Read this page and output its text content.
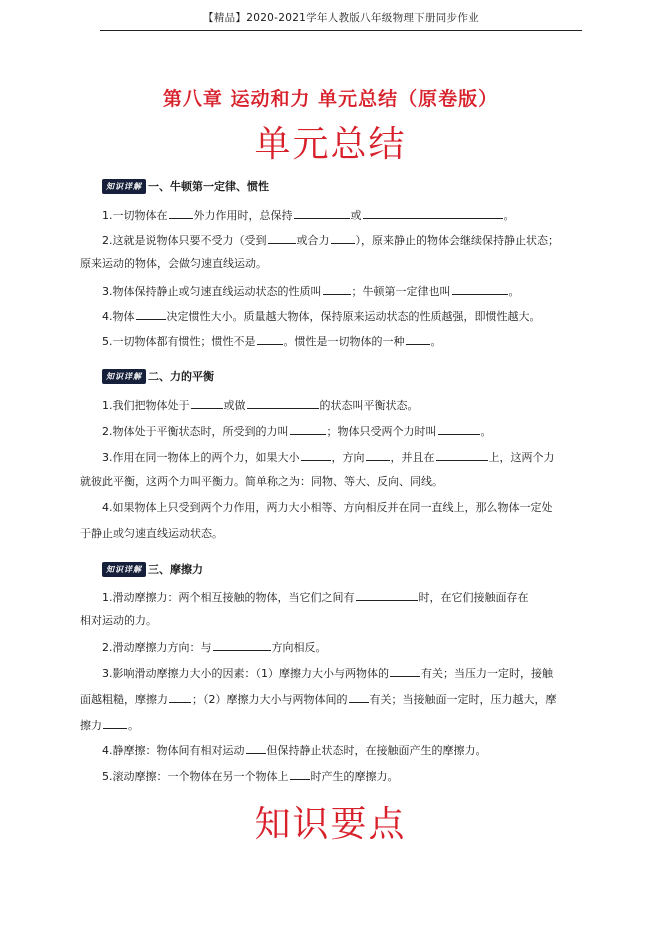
【精品】2020-2021学年人教版八年级物理下册同步作业
第八章 运动和力 单元总结（原卷版）
单元总结
知识详解 一、牛顿第一定律、惯性
1.一切物体在 外力作用时，总保持	或	。
2.这就是说物体只要不受力（受到	或合力 ），原来静止的物体会继续保持静止状态；
原来运动的物体，会做匀速直线运动。
3.物体保持静止或匀速直线运动状态的性质叫	；牛顿第一定律也叫	。
4.物体	决定惯性大小。质量越大物体，保持原来运动状态的性质越强，即惯性越大。
5.一切物体都有惯性；惯性不是	。惯性是一切物体的一种 。
知识详解 二、力的平衡
1.我们把物体处于	或做	的状态叫平衡状态。
2.物体处于平衡状态时，所受到的力叫	；物体只受两个力时叫	。
3.作用在同一物体上的两个力，如果大小	，方向 ，并且在	上，这两个力
就彼此平衡，这两个力叫平衡力。简单称之为：同物、等大、反向、同线。
4.如果物体上只受到两个力作用，两力大小相等、方向相反并在同一直线上，那么物体一定处
于静止或匀速直线运动状态。
知识详解 三、摩擦力
1.滑动摩擦力：两个相互接触的物体，当它们之间有	时，在它们接触面存在
相对运动的力。
2.滑动摩擦力方向：与	方向相反。
3.影响滑动摩擦力大小的因素：（1）摩擦力大小与两物体的	有关；当压力一定时，接触
面越粗糙，摩擦力 ；（2）摩擦力大小与两物体间的 有关；当接触面一定时，压力越大，摩
擦力 。
4.静摩擦：物体间有相对运动 但保持静止状态时，在接触面产生的摩擦力。
5.滚动摩擦：一个物体在另一个物体上 时产生的摩擦力。
知识要点
